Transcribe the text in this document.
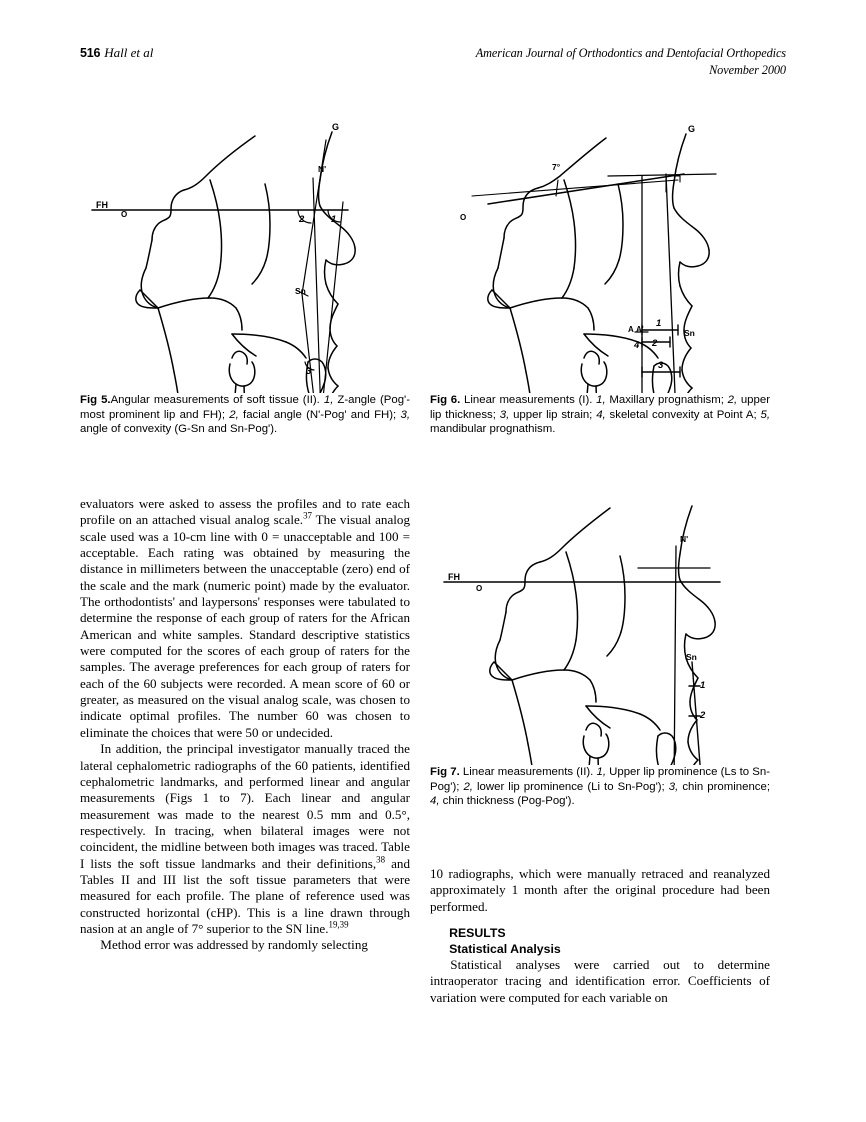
516 Hall et al	American Journal of Orthodontics and Dentofacial Orthopedics
November 2000
G
N'
FH
O
Sn
1
2
3
Fig 5.Angular measurements of soft tissue (II). 1, Z-angle (Pog'-most prominent lip and FH); 2, facial angle (N'-Pog' and FH); 3, angle of convexity (G-Sn and Sn-Pog').
G
O
7°
A A'	Sn
1
2
3
4
Fig 6. Linear measurements (I). 1, Maxillary prognathism; 2, upper lip thickness; 3, upper lip strain; 4, skeletal convexity at Point A; 5, mandibular prognathism.
N'
FH
O
Sn
1
2
Fig 7. Linear measurements (II). 1, Upper lip prominence (Ls to Sn-Pog'); 2, lower lip prominence (Li to Sn-Pog'); 3, chin prominence; 4, chin thickness (Pog-Pog').

evaluators were asked to assess the profiles and to rate each profile on an attached visual analog scale.$^{37}$ The visual analog scale used was a 10-cm line with 0 = unacceptable and 100 = acceptable. Each rating was obtained by measuring the distance in millimeters between the unacceptable (zero) end of the scale and the mark (numeric point) made by the evaluator. The orthodontists' and laypersons' responses were tabulated to determine the response of each group of raters for the African American and white samples. Standard descriptive statistics were computed for the scores of each group of raters for the samples. The average preferences for each group of raters for each of the 60 subjects were recorded. A mean score of 60 or greater, as measured on the visual analog scale, was chosen to indicate optimal profiles. The number 60 was chosen to eliminate the choices that were 50 or undecided.

In addition, the principal investigator manually traced the lateral cephalometric radiographs of the 60 patients, identified cephalometric landmarks, and performed linear and angular measurements (Figs 1 to 7). Each linear and angular measurement was made to the nearest 0.5 mm and 0.5°, respectively. In tracing, when bilateral images were not coincident, the midline between both images was traced. Table I lists the soft tissue landmarks and their definitions,$^{38}$ and Tables II and III list the soft tissue parameters that were measured for each profile. The plane of reference used was constructed horizontal (cHP). This is a line drawn through nasion at an angle of 7° superior to the SN line.$^{19,39}$

Method error was addressed by randomly selecting

10 radiographs, which were manually retraced and reanalyzed approximately 1 month after the original procedure had been performed.

RESULTS

Statistical Analysis

Statistical analyses were carried out to determine intraoperator tracing and identification error. Coefficients of variation were computed for each variable on
